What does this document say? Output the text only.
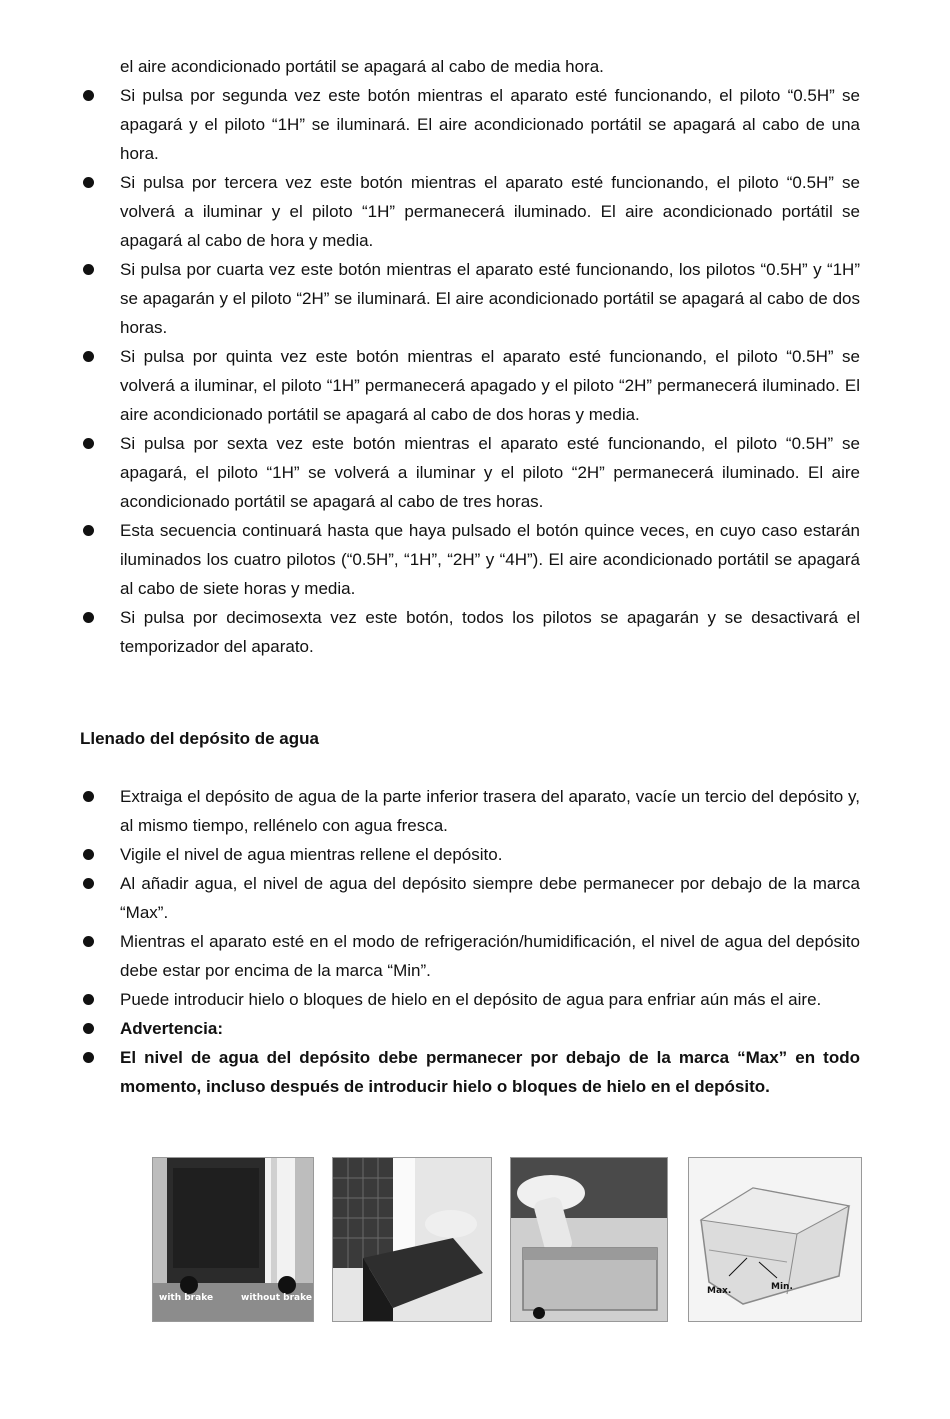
el aire acondicionado portátil se apagará al cabo de media hora.
Si pulsa por segunda vez este botón mientras el aparato esté funcionando, el piloto “0.5H” se apagará y el piloto “1H” se iluminará. El aire acondicionado portátil se apagará al cabo de una hora.
Si pulsa por tercera vez este botón mientras el aparato esté funcionando, el piloto “0.5H” se volverá a iluminar y el piloto “1H” permanecerá iluminado. El aire acondicionado portátil se apagará al cabo de hora y media.
Si pulsa por cuarta vez este botón mientras el aparato esté funcionando, los pilotos “0.5H” y “1H” se apagarán y el piloto “2H” se iluminará. El aire acondicionado portátil se apagará al cabo de dos horas.
Si pulsa por quinta vez este botón mientras el aparato esté funcionando, el piloto “0.5H” se volverá a iluminar, el piloto “1H” permanecerá apagado y el piloto “2H” permanecerá iluminado. El aire acondicionado portátil se apagará al cabo de dos horas y media.
Si pulsa por sexta vez este botón mientras el aparato esté funcionando, el piloto “0.5H” se apagará, el piloto “1H” se volverá a iluminar y el piloto “2H” permanecerá iluminado. El aire acondicionado portátil se apagará al cabo de tres horas.
Esta secuencia continuará hasta que haya pulsado el botón quince veces, en cuyo caso estarán iluminados los cuatro pilotos (“0.5H”, “1H”, “2H” y “4H”). El aire acondicionado portátil se apagará al cabo de siete horas y media.
Si pulsa por decimosexta vez este botón, todos los pilotos se apagarán y se desactivará el temporizador del aparato.
Llenado del depósito de agua
Extraiga el depósito de agua de la parte inferior trasera del aparato, vacíe un tercio del depósito y, al mismo tiempo, rellénelo con agua fresca.
Vigile el nivel de agua mientras rellene el depósito.
Al añadir agua, el nivel de agua del depósito siempre debe permanecer por debajo de la marca “Max”.
Mientras el aparato esté en el modo de refrigeración/humidificación, el nivel de agua del depósito debe estar por encima de la marca “Min”.
Puede introducir hielo o bloques de hielo en el depósito de agua para enfriar aún más el aire.
Advertencia:
El nivel de agua del depósito debe permanecer por debajo de la marca “Max” en todo momento, incluso después de introducir hielo o bloques de hielo en el depósito.
with brake	without brake
Max.	Min.
